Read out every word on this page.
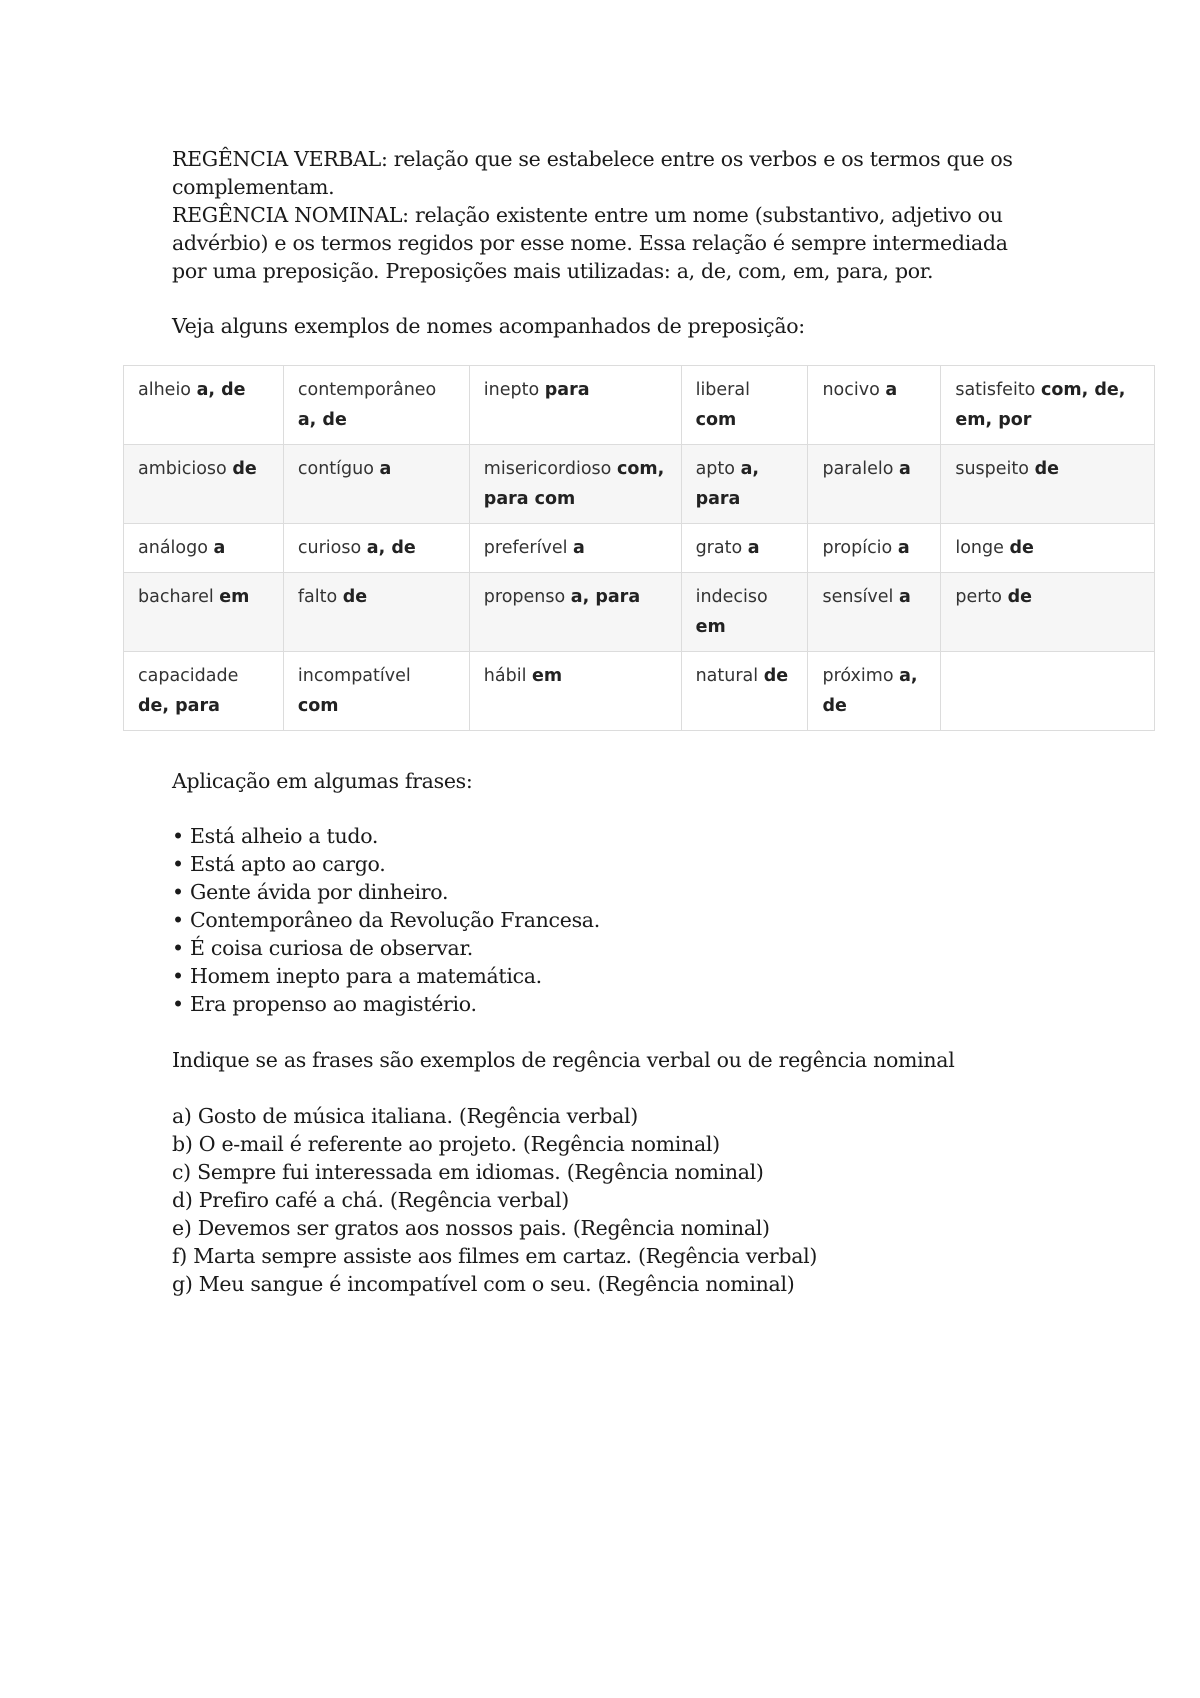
REGÊNCIA VERBAL: relação que se estabelece entre os verbos e os termos que os complementam.

REGÊNCIA NOMINAL: relação existente entre um nome (substantivo, adjetivo ou advérbio) e os termos regidos por esse nome. Essa relação é sempre intermediada por uma preposição. Preposições mais utilizadas: a, de, com, em, para, por.

Veja alguns exemplos de nomes acompanhados de preposição:

alheio a, de	contemporâneo a, de	inepto para	liberal com	nocivo a	satisfeito com, de, em, por
ambicioso de	contíguo a	misericordioso com, para com	apto a, para	paralelo a	suspeito de
análogo a	curioso a, de	preferível a	grato a	propício a	longe de
bacharel em	falto de	propenso a, para	indeciso em	sensível a	perto de
capacidade de, para	incompatível com	hábil em	natural de	próximo a, de	

Aplicação em algumas frases:

• Está alheio a tudo.
• Está apto ao cargo.
• Gente ávida por dinheiro.
• Contemporâneo da Revolução Francesa.
• É coisa curiosa de observar.
• Homem inepto para a matemática.
• Era propenso ao magistério.

Indique se as frases são exemplos de regência verbal ou de regência nominal

a) Gosto de música italiana. (Regência verbal)
b) O e-mail é referente ao projeto. (Regência nominal)
c) Sempre fui interessada em idiomas. (Regência nominal)
d) Prefiro café a chá. (Regência verbal)
e) Devemos ser gratos aos nossos pais. (Regência nominal)
f) Marta sempre assiste aos filmes em cartaz. (Regência verbal)
g) Meu sangue é incompatível com o seu. (Regência nominal)
